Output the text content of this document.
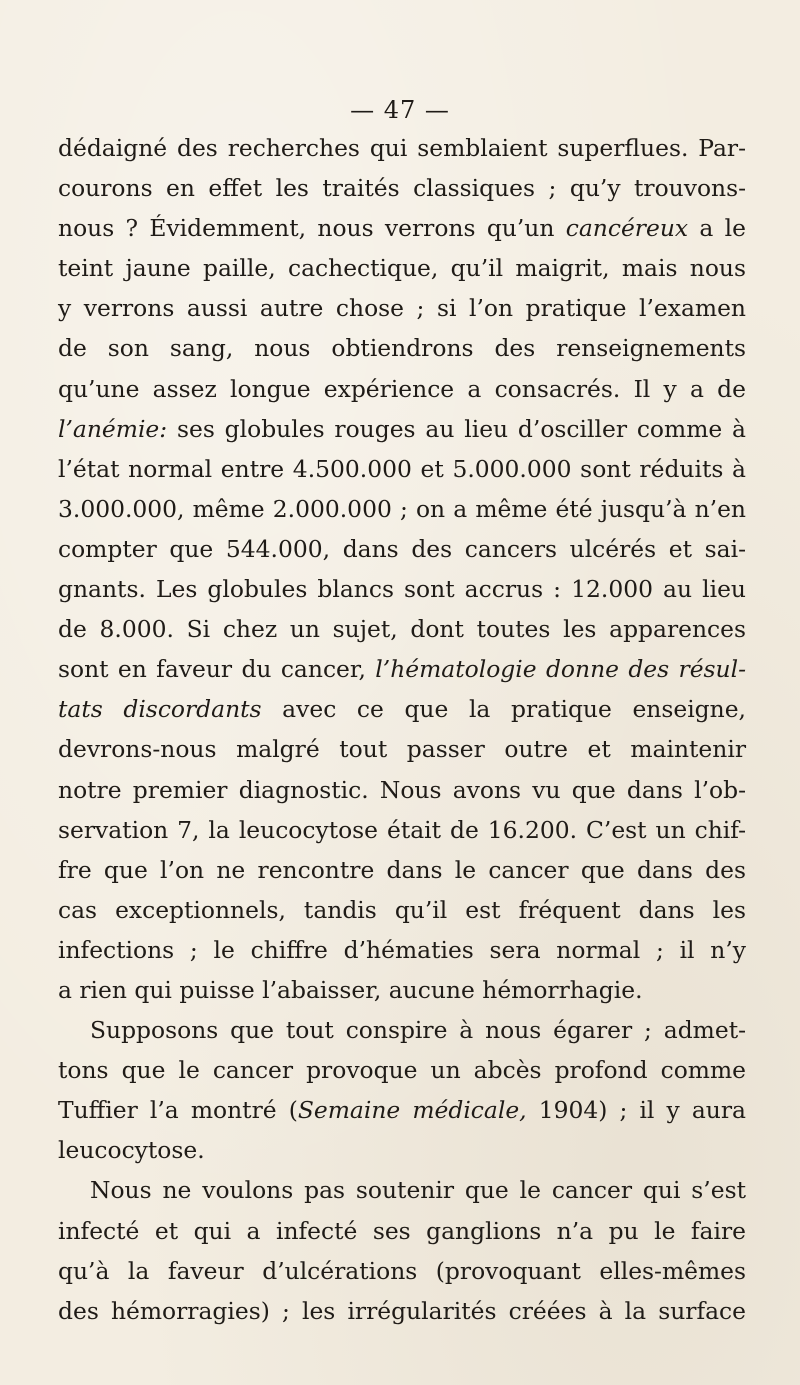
— 47 —
dédaigné des recherches qui semblaient superflues. Par-
courons en effet les traités classiques ; qu’y trouvons-
nous ? Évidemment, nous verrons qu’un cancéreux a le
teint jaune paille, cachectique, qu’il maigrit, mais nous
y verrons aussi autre chose ; si l’on pratique l’examen
de son sang, nous obtiendrons des renseignements
qu’une assez longue expérience a consacrés. Il y a de
l’anémie: ses globules rouges au lieu d’osciller comme à
l’état normal entre 4.500.000 et 5.000.000 sont réduits à
3.000.000, même 2.000.000 ; on a même été jusqu’à n’en
compter que 544.000, dans des cancers ulcérés et sai-
gnants. Les globules blancs sont accrus : 12.000 au lieu
de 8.000. Si chez un sujet, dont toutes les apparences
sont en faveur du cancer, l’hématologie donne des résul-
tats discordants avec ce que la pratique enseigne,
devrons-nous malgré tout passer outre et maintenir
notre premier diagnostic. Nous avons vu que dans l’ob-
servation 7, la leucocytose était de 16.200. C’est un chif-
fre que l’on ne rencontre dans le cancer que dans des
cas exceptionnels, tandis qu’il est fréquent dans les
infections ; le chiffre d’hématies sera normal ; il n’y
a rien qui puisse l’abaisser, aucune hémorrhagie.
Supposons que tout conspire à nous égarer ; admet-
tons que le cancer provoque un abcès profond comme
Tuffier l’a montré (Semaine médicale, 1904) ; il y aura
leucocytose.
Nous ne voulons pas soutenir que le cancer qui s’est
infecté et qui a infecté ses ganglions n’a pu le faire
qu’à la faveur d’ulcérations (provoquant elles-mêmes
des hémorragies) ; les irrégularités créées à la surface
